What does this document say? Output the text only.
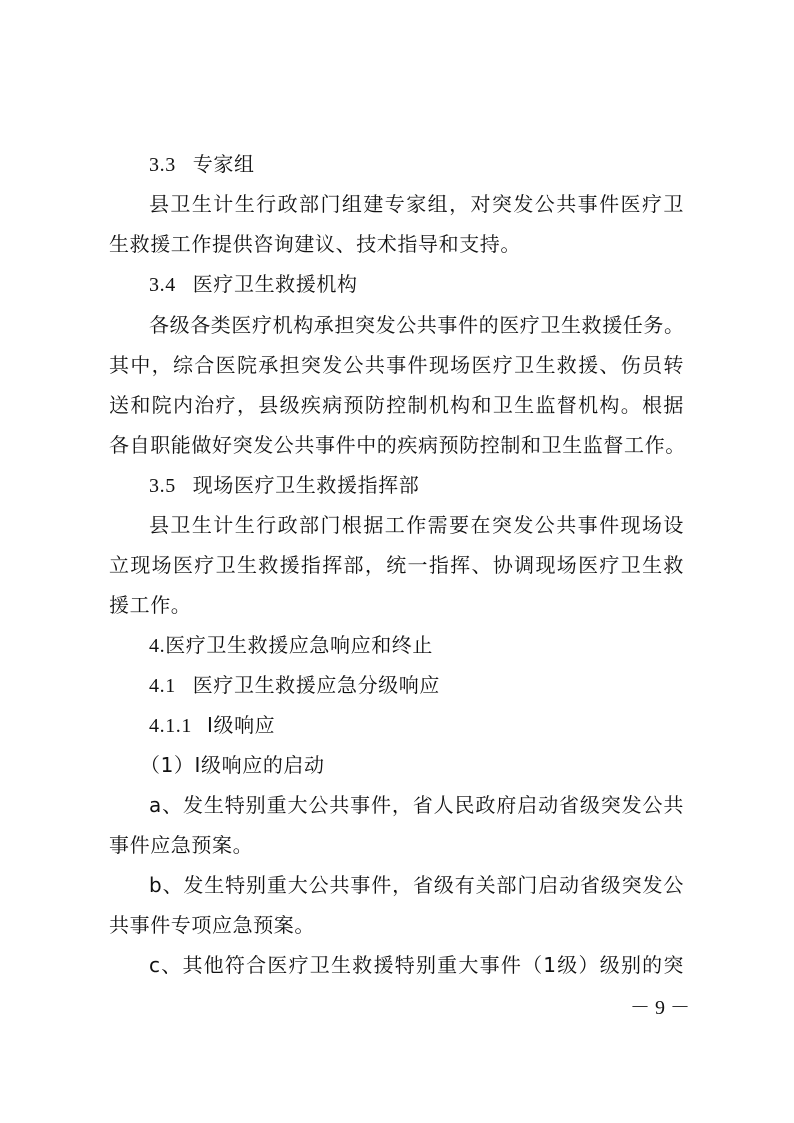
3.3 专家组
县卫生计生行政部门组建专家组，对突发公共事件医疗卫
生救援工作提供咨询建议、技术指导和支持。
3.4 医疗卫生救援机构
各级各类医疗机构承担突发公共事件的医疗卫生救援任务。
其中，综合医院承担突发公共事件现场医疗卫生救援、伤员转
送和院内治疗，县级疾病预防控制机构和卫生监督机构。根据
各自职能做好突发公共事件中的疾病预防控制和卫生监督工作。
3.5 现场医疗卫生救援指挥部
县卫生计生行政部门根据工作需要在突发公共事件现场设
立现场医疗卫生救援指挥部，统一指挥、协调现场医疗卫生救
援工作。
4.医疗卫生救援应急响应和终止
4.1 医疗卫生救援应急分级响应
4.1.1 Ⅰ级响应
（1）Ⅰ级响应的启动
a、发生特别重大公共事件，省人民政府启动省级突发公共
事件应急预案。
b、发生特别重大公共事件，省级有关部门启动省级突发公
共事件专项应急预案。
c、其他符合医疗卫生救援特别重大事件（1级）级别的突
－ 9 －
